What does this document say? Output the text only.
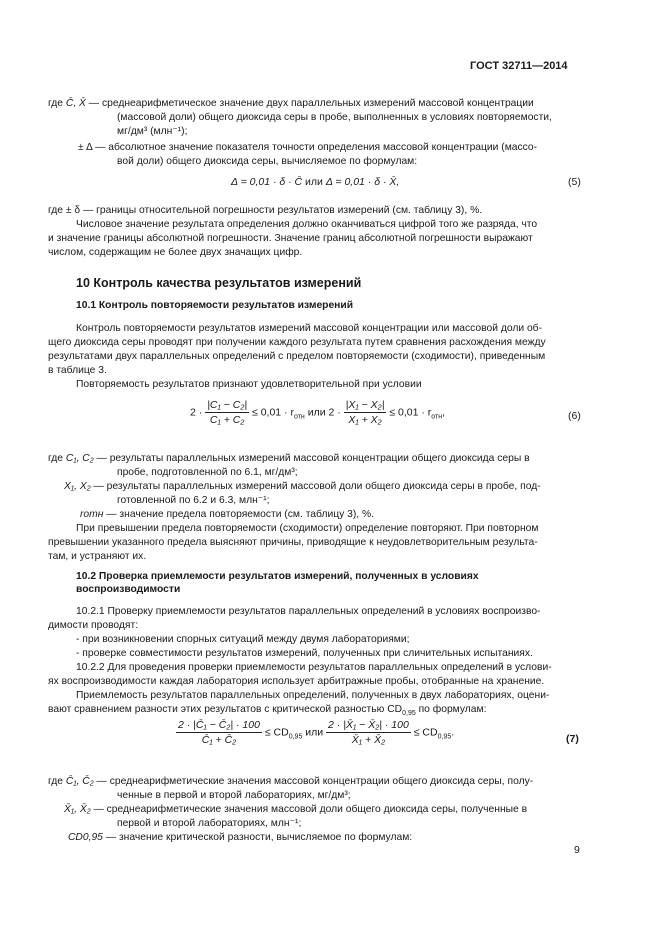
ГОСТ 32711—2014
где C̄, X̄ — среднеарифметическое значение двух параллельных измерений массовой концентрации
(массовой доли) общего диоксида серы в пробе, выполненных в условиях повторяемости,
мг/дм³ (млн⁻¹);
± Δ — абсолютное значение показателя точности определения массовой концентрации (массо-
вой доли) общего диоксида серы, вычисляемое по формулам:
Δ = 0,01 · δ · C̄ или Δ = 0,01 · δ · X̄,	(5)
где ± δ — границы относительной погрешности результатов измерений (см. таблицу 3), %.
Числовое значение результата определения должно оканчиваться цифрой того же разряда, что
и значение границы абсолютной погрешности. Значение границ абсолютной погрешности выражают
числом, содержащим не более двух значащих цифр.
10 Контроль качества результатов измерений
10.1 Контроль повторяемости результатов измерений
Контроль повторяемости результатов измерений массовой концентрации или массовой доли об-
щего диоксида серы проводят при получении каждого результата путем сравнения расхождения между
результатами двух параллельных определений с пределом повторяемости (сходимости), приведенным
в таблице 3.
Повторяемость результатов признают удовлетворительной при условии
$2 \cdot \frac{\text{|C₁ − C₂|}}{\text{C₁ + C₂}} \le 0,01 \cdot r_{отн}$ или $2 \cdot \frac{\text{|X₁ − X₂|}}{\text{X₁ + X₂}} \le 0,01 \cdot r_{отн}$,	(6)
где C₁, C₂ — результаты параллельных измерений массовой концентрации общего диоксида серы в
пробе, подготовленной по 6.1, мг/дм³;
X₁, X₂ — результаты параллельных измерений массовой доли общего диоксида серы в пробе, под-
готовленной по 6.2 и 6.3, млн⁻¹;
rотн — значение предела повторяемости (см. таблицу 3), %.
При превышении предела повторяемости (сходимости) определение повторяют. При повторном
превышении указанного предела выясняют причины, приводящие к неудовлетворительным результа-
там, и устраняют их.
10.2 Проверка приемлемости результатов измерений, полученных в условиях
воспроизводимости
10.2.1 Проверку приемлемости результатов параллельных определений в условиях воспроизво-
димости проводят:
- при возникновении спорных ситуаций между двумя лабораториями;
- проверке совместимости результатов измерений, полученных при сличительных испытаниях.
10.2.2 Для проведения проверки приемлемости результатов параллельных определений в услови-
ях воспроизводимости каждая лаборатория использует арбитражные пробы, отобранные на хранение.
Приемлемость результатов параллельных определений, полученных в двух лабораториях, оцени-
вают сравнением разности этих результатов с критической разностью $CD_{0,95}$ по формулам:
$\frac{\text{2 · |C̄₁ − C̄₂| · 100}}{\text{C̄₁ + C̄₂}} \le CD_{0,95}$ или $\frac{\text{2 · |X̄₁ − X̄₂| · 100}}{\text{X̄₁ + X̄₂}} \le CD_{0,95}$.
(7)
где C̄₁, C̄₂ — среднеарифметические значения массовой концентрации общего диоксида серы, полу-
ченные в первой и второй лабораториях, мг/дм³;
X̄₁, X̄₂ — среднеарифметические значения массовой доли общего диоксида серы, полученные в
первой и второй лабораториях, млн⁻¹;
CD0,95 — значение критической разности, вычисляемое по формулам:
9
